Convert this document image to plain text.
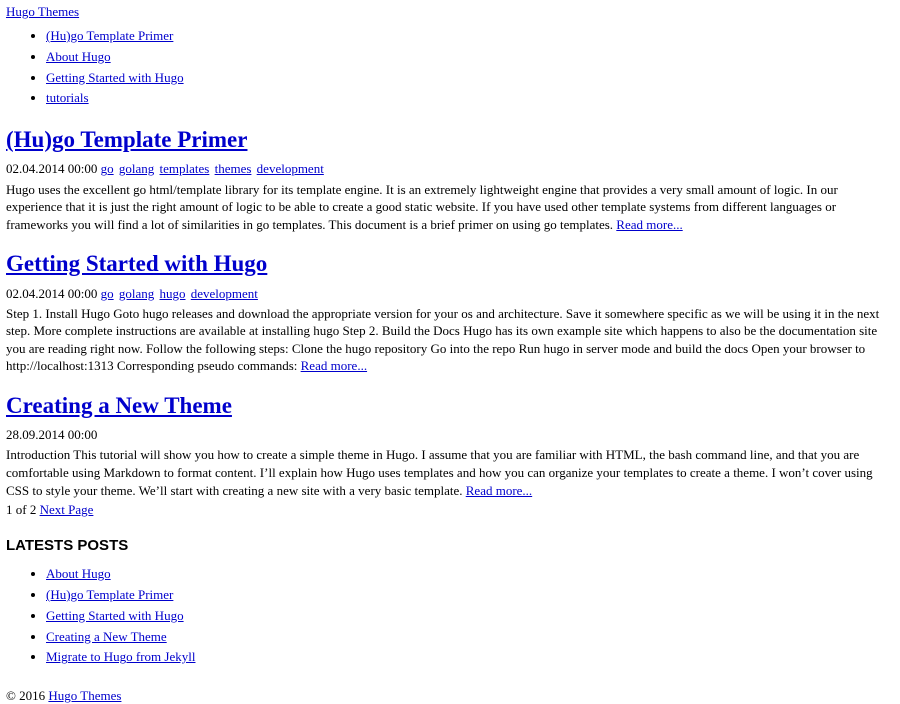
Hugo Themes
• (Hu)go Template Primer
• About Hugo
• Getting Started with Hugo
• tutorials
(Hu)go Template Primer
02.04.2014 00:00 go golang templates themes development
Hugo uses the excellent go html/template library for its template engine. It is an extremely lightweight engine that provides a very small amount of logic. In our experience that it is just the right amount of logic to be able to create a good static website. If you have used other template systems from different languages or frameworks you will find a lot of similarities in go templates. This document is a brief primer on using go templates. Read more...
Getting Started with Hugo
02.04.2014 00:00 go golang hugo development
Step 1. Install Hugo Goto hugo releases and download the appropriate version for your os and architecture. Save it somewhere specific as we will be using it in the next step. More complete instructions are available at installing hugo Step 2. Build the Docs Hugo has its own example site which happens to also be the documentation site you are reading right now. Follow the following steps: Clone the hugo repository Go into the repo Run hugo in server mode and build the docs Open your browser to http://localhost:1313 Corresponding pseudo commands: Read more...
Creating a New Theme
28.09.2014 00:00
Introduction This tutorial will show you how to create a simple theme in Hugo. I assume that you are familiar with HTML, the bash command line, and that you are comfortable using Markdown to format content. I’ll explain how Hugo uses templates and how you can organize your templates to create a theme. I won’t cover using CSS to style your theme. We’ll start with creating a new site with a very basic template. Read more...
1 of 2 Next Page
LATESTS POSTS
• About Hugo
• (Hu)go Template Primer
• Getting Started with Hugo
• Creating a New Theme
• Migrate to Hugo from Jekyll
© 2016 Hugo Themes
